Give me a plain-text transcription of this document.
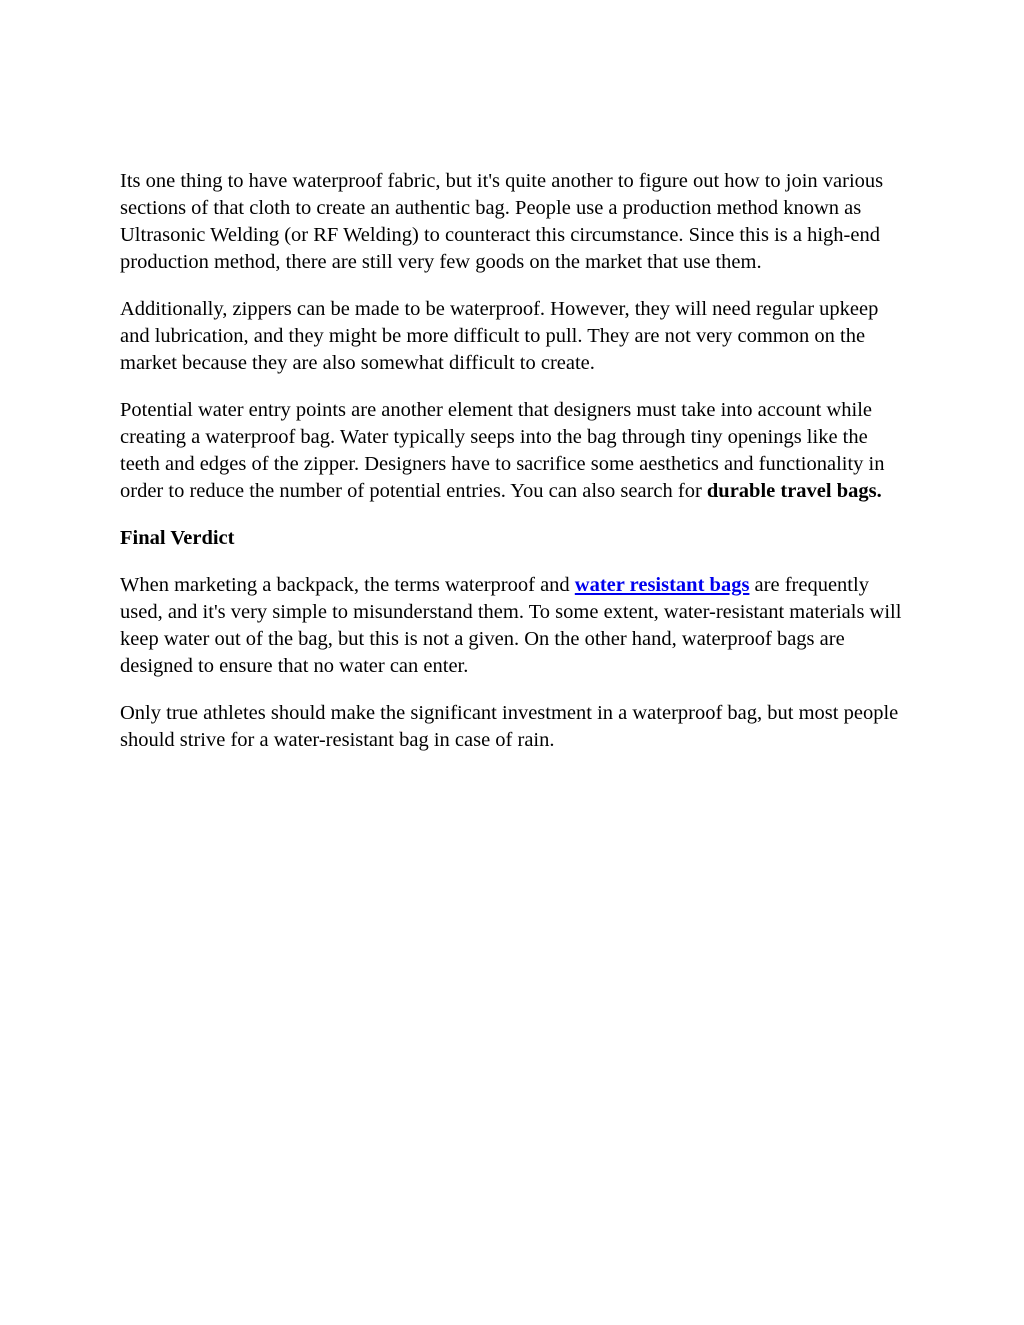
Its one thing to have waterproof fabric, but it's quite another to figure out how to join various sections of that cloth to create an authentic bag. People use a production method known as Ultrasonic Welding (or RF Welding) to counteract this circumstance. Since this is a high-end production method, there are still very few goods on the market that use them.

Additionally, zippers can be made to be waterproof. However, they will need regular upkeep and lubrication, and they might be more difficult to pull. They are not very common on the market because they are also somewhat difficult to create.

Potential water entry points are another element that designers must take into account while creating a waterproof bag. Water typically seeps into the bag through tiny openings like the teeth and edges of the zipper. Designers have to sacrifice some aesthetics and functionality in order to reduce the number of potential entries. You can also search for durable travel bags.

Final Verdict

When marketing a backpack, the terms waterproof and water resistant bags are frequently used, and it's very simple to misunderstand them. To some extent, water-resistant materials will keep water out of the bag, but this is not a given. On the other hand, waterproof bags are designed to ensure that no water can enter.

Only true athletes should make the significant investment in a waterproof bag, but most people should strive for a water-resistant bag in case of rain.
